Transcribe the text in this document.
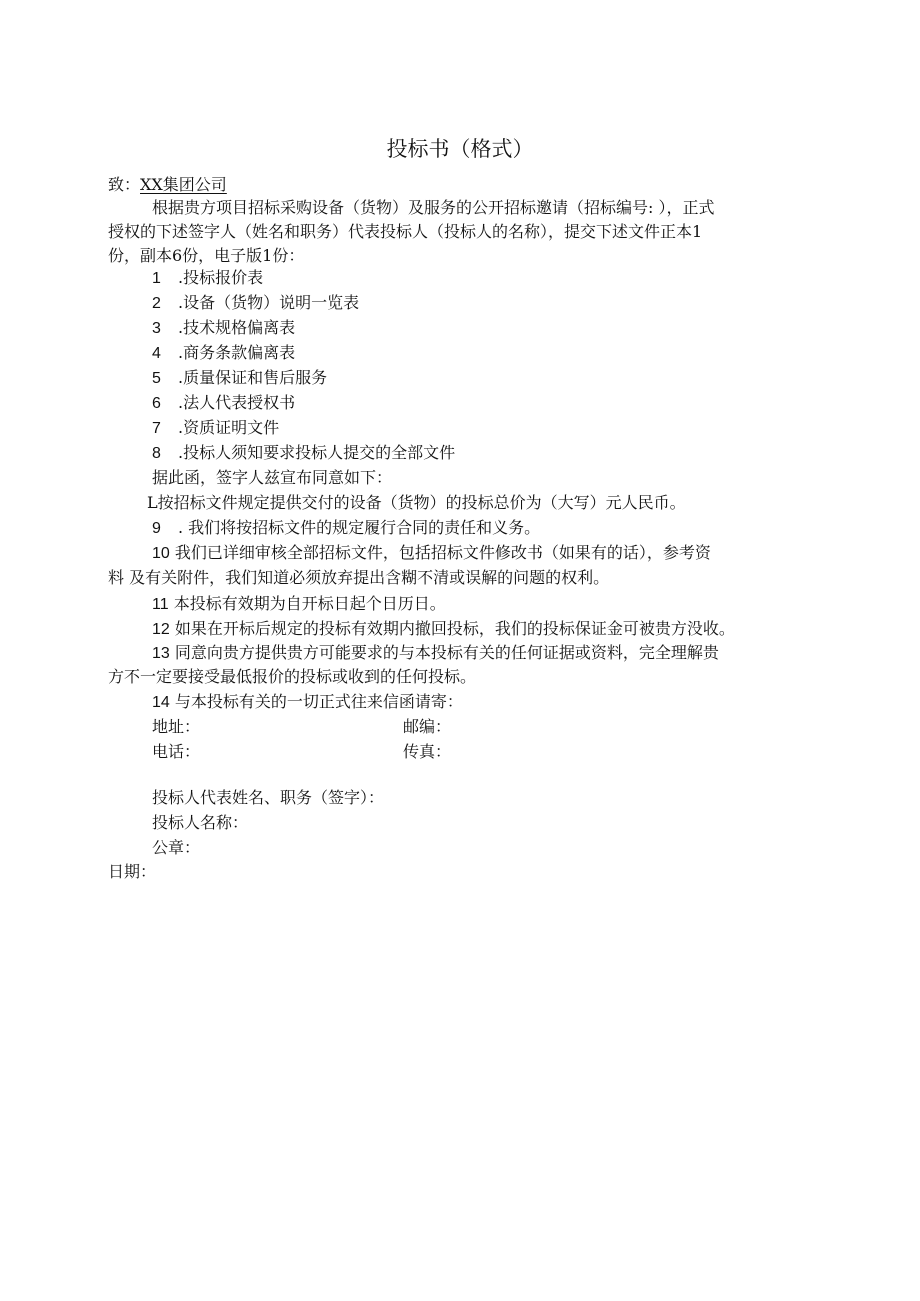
投标书（格式）
致：XX集团公司
根据贵方项目招标采购设备（货物）及服务的公开招标邀请（招标编号: ），正式
授权的下述签字人（姓名和职务）代表投标人（投标人的名称），提交下述文件正本1
份，副本6份，电子版1份：
1 .投标报价表
2 .设备（货物）说明一览表
3 .技术规格偏离表
4 .商务条款偏离表
5 .质量保证和售后服务
6 .法人代表授权书
7 .资质证明文件
8 .投标人须知要求投标人提交的全部文件
据此函，签字人兹宣布同意如下：
L按招标文件规定提供交付的设备（货物）的投标总价为（大写）元人民币。
9 . 我们将按招标文件的规定履行合同的责任和义务。
10 我们已详细审核全部招标文件，包括招标文件修改书（如果有的话），参考资
料 及有关附件，我们知道必须放弃提出含糊不清或误解的问题的权利。
11 本投标有效期为自开标日起个日历日。
12 如果在开标后规定的投标有效期内撤回投标，我们的投标保证金可被贵方没收。
13 同意向贵方提供贵方可能要求的与本投标有关的任何证据或资料，完全理解贵
方不一定要接受最低报价的投标或收到的任何投标。
14 与本投标有关的一切正式往来信函请寄：
地址：	邮编：
电话：	传真：
投标人代表姓名、职务（签字）：
投标人名称：
公章：
日期：
